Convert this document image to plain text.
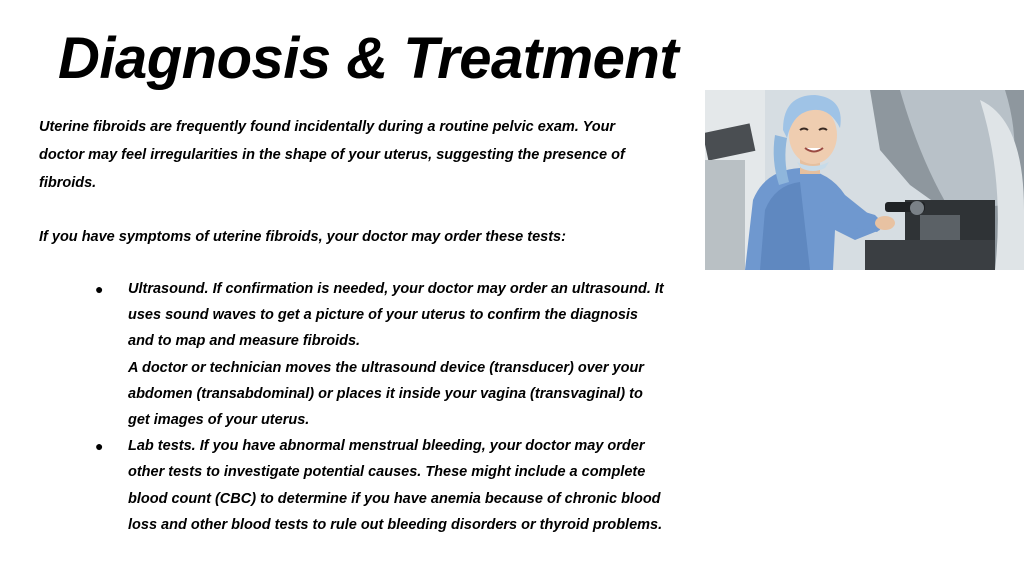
Diagnosis & Treatment

Uterine fibroids are frequently found incidentally during a routine pelvic exam. Your
doctor may feel irregularities in the shape of your uterus, suggesting the presence of
fibroids.

If you have symptoms of uterine fibroids, your doctor may order these tests:

● Ultrasound. If confirmation is needed, your doctor may order an ultrasound. It
uses sound waves to get a picture of your uterus to confirm the diagnosis
and to map and measure fibroids.
A doctor or technician moves the ultrasound device (transducer) over your
abdomen (transabdominal) or places it inside your vagina (transvaginal) to
get images of your uterus.
● Lab tests. If you have abnormal menstrual bleeding, your doctor may order
other tests to investigate potential causes. These might include a complete
blood count (CBC) to determine if you have anemia because of chronic blood
loss and other blood tests to rule out bleeding disorders or thyroid problems.
